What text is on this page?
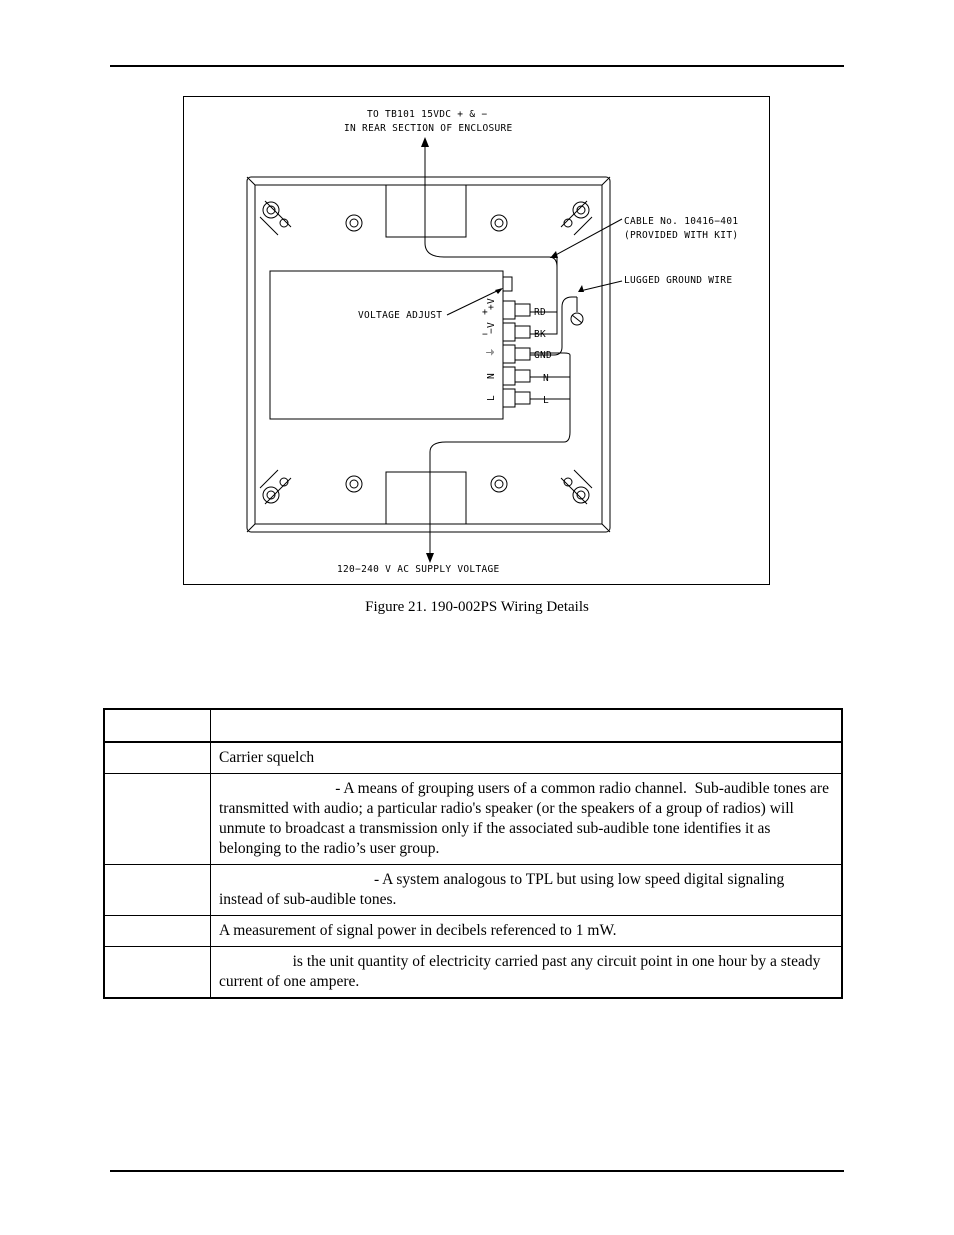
TO TB101 15VDC + & −
IN REAR SECTION OF ENCLOSURE
CABLE No. 10416−401
(PROVIDED WITH KIT)
LUGGED GROUND WIRE
VOLTAGE ADJUST
120−240 V AC SUPPLY VOLTAGE
+V
−V
⏚
N
L
+
−
RD
BK
GND
N
L
Figure 21. 190-002PS Wiring Details

	Carrier squelch
	- A means of grouping users of a common radio channel.  Sub-audible tones are transmitted with audio; a particular radio's speaker (or the speakers of a group of radios) will unmute to broadcast a transmission only if the associated sub-audible tone identifies it as belonging to the radio’s user group.
	- A system analogous to TPL but using low speed digital signaling instead of sub-audible tones.
	A measurement of signal power in decibels referenced to 1 mW.
	is the unit quantity of electricity carried past any circuit point in one hour by a steady current of one ampere.
